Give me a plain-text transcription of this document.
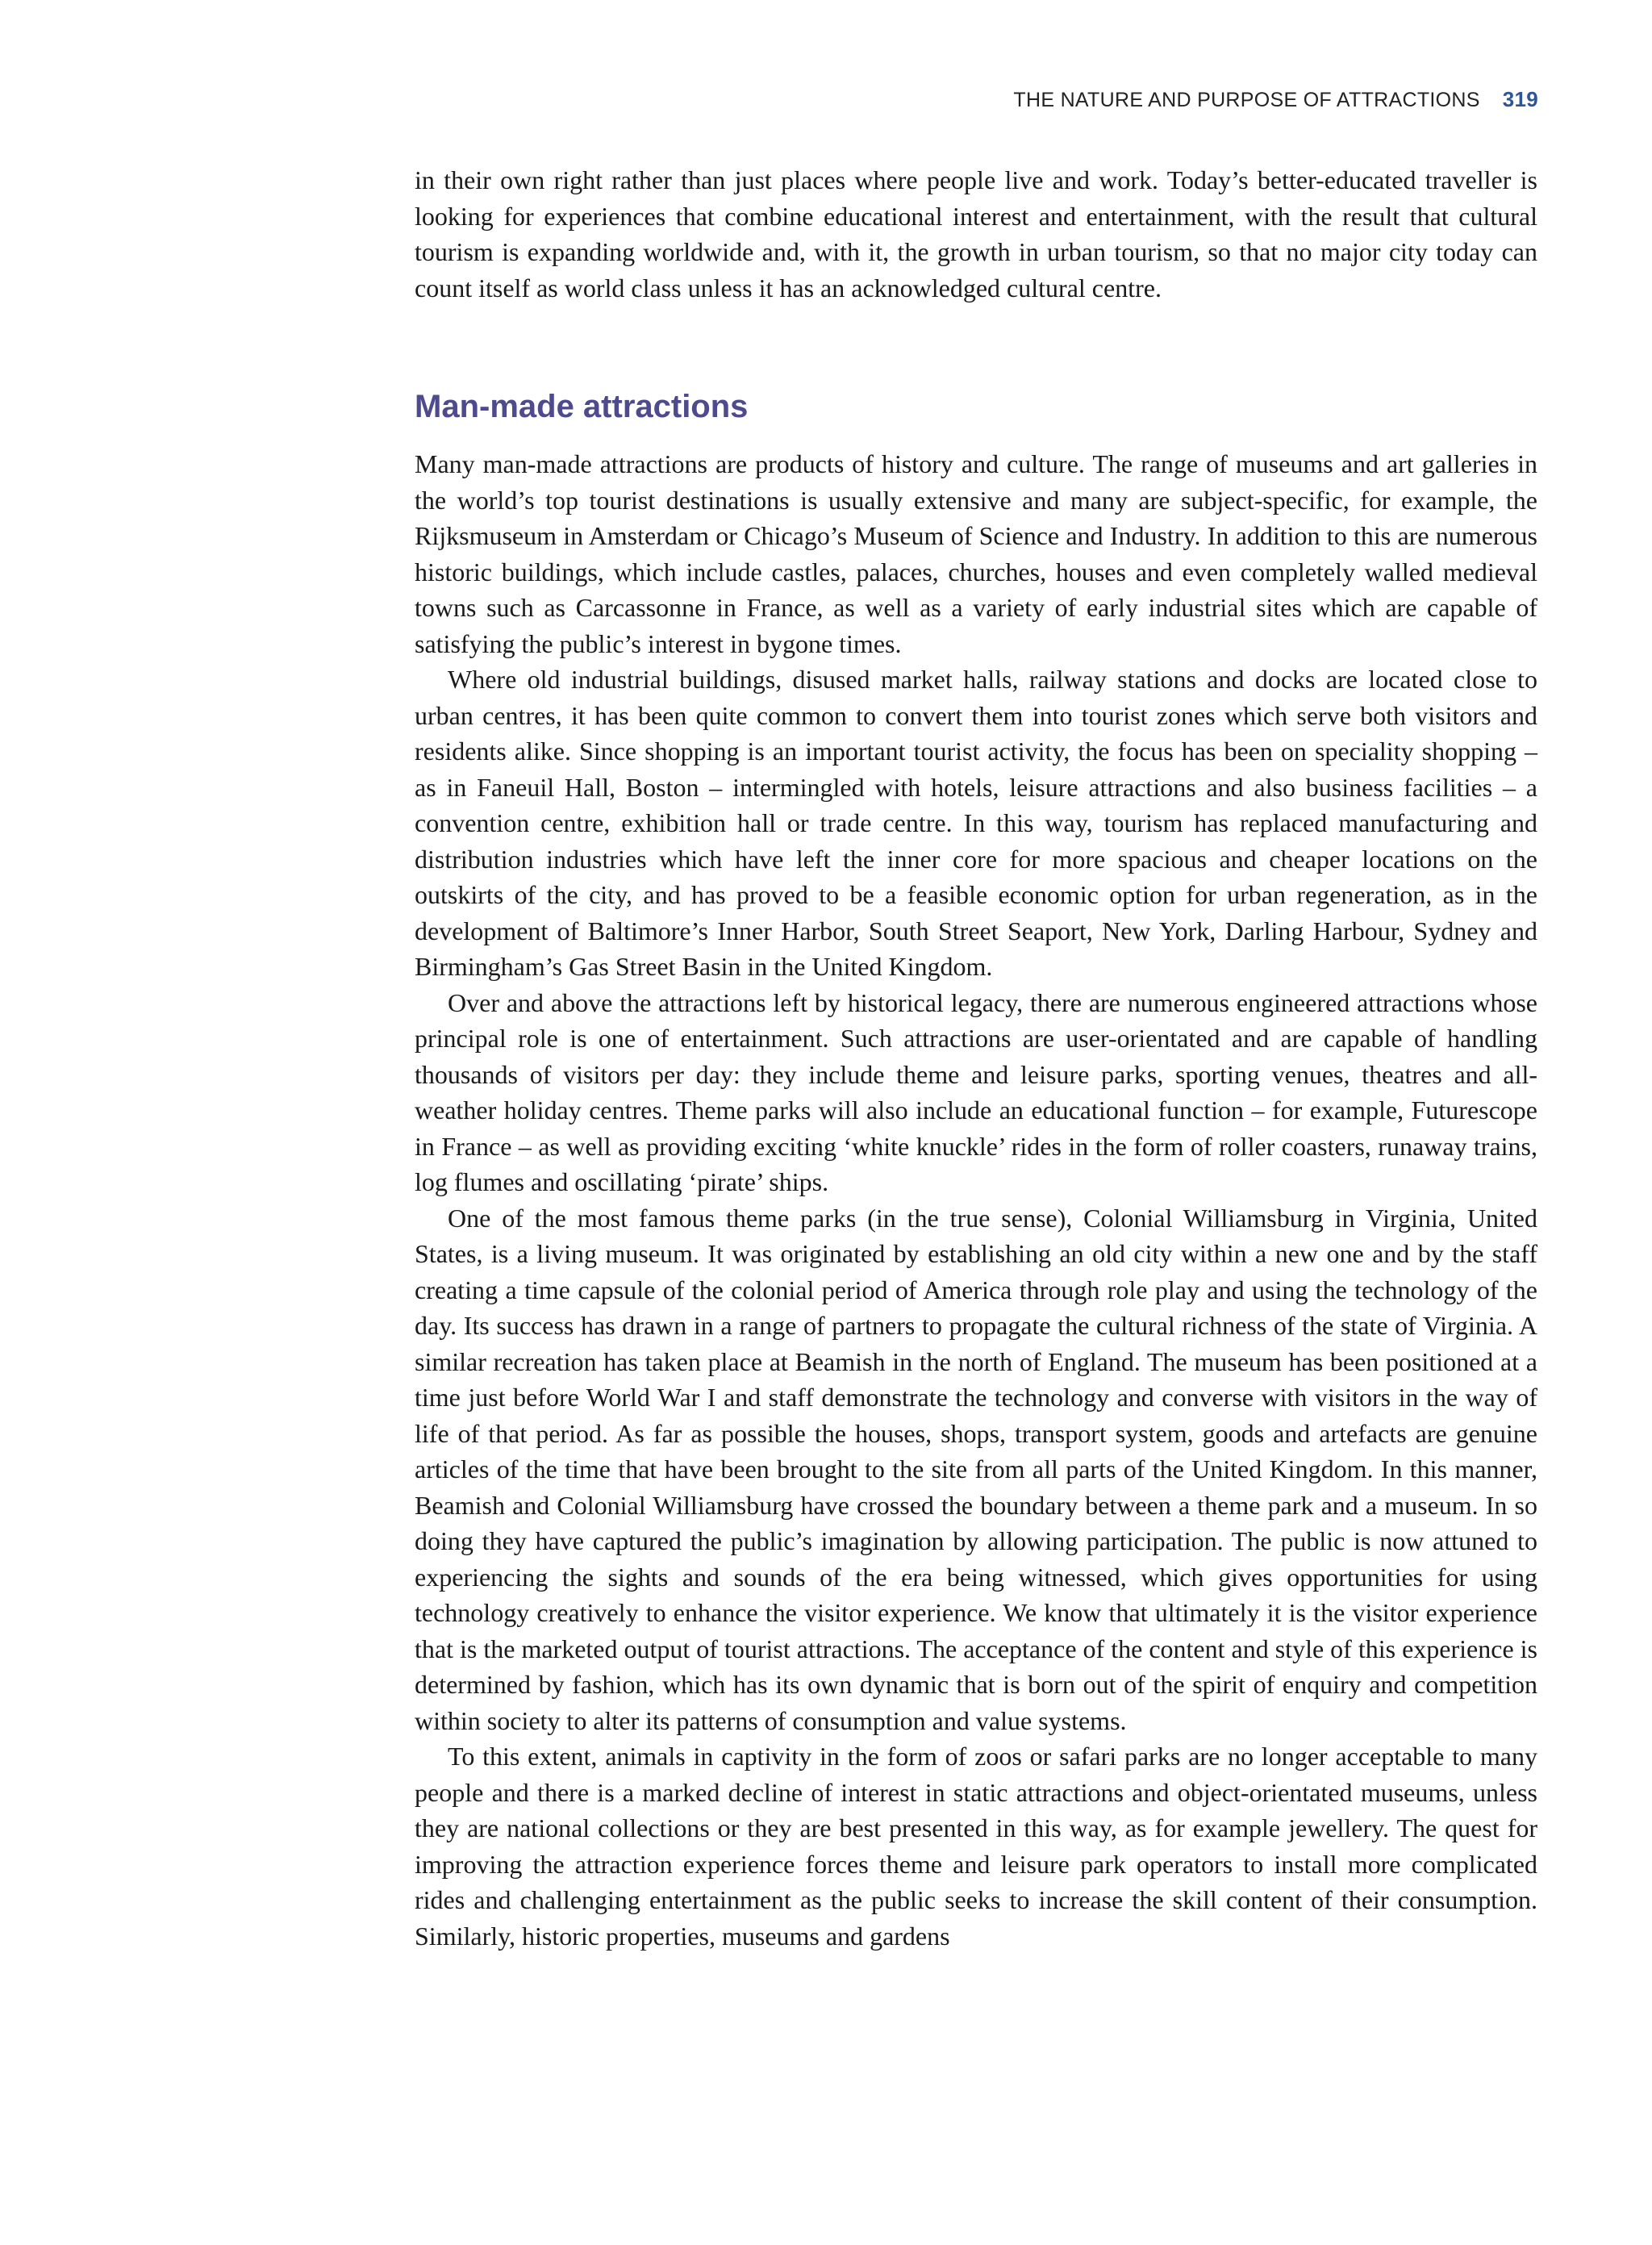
THE NATURE AND PURPOSE OF ATTRACTIONS 319

in their own right rather than just places where people live and work. Today’s better-educated traveller is looking for experiences that combine educational interest and entertainment, with the result that cultural tourism is expanding worldwide and, with it, the growth in urban tourism, so that no major city today can count itself as world class unless it has an acknowledged cultural centre.

Man-made attractions

Many man-made attractions are products of history and culture. The range of museums and art galleries in the world’s top tourist destinations is usually extensive and many are subject-specific, for example, the Rijksmuseum in Amsterdam or Chicago’s Museum of Science and Industry. In addition to this are numerous historic buildings, which include castles, palaces, churches, houses and even completely walled medieval towns such as Carcassonne in France, as well as a variety of early industrial sites which are capable of satisfying the public’s interest in bygone times.

Where old industrial buildings, disused market halls, railway stations and docks are located close to urban centres, it has been quite common to convert them into tourist zones which serve both visitors and residents alike. Since shopping is an important tourist activity, the focus has been on speciality shopping – as in Faneuil Hall, Boston – intermingled with hotels, leisure attractions and also business facilities – a convention centre, exhibition hall or trade centre. In this way, tourism has replaced manufacturing and distribution industries which have left the inner core for more spacious and cheaper locations on the outskirts of the city, and has proved to be a feasible economic option for urban regeneration, as in the development of Baltimore’s Inner Harbor, South Street Seaport, New York, Darling Harbour, Sydney and Birmingham’s Gas Street Basin in the United Kingdom.

Over and above the attractions left by historical legacy, there are numerous engineered attractions whose principal role is one of entertainment. Such attractions are user-orientated and are capable of handling thousands of visitors per day: they include theme and leisure parks, sporting venues, theatres and all-weather holiday centres. Theme parks will also include an educational function – for example, Futurescope in France – as well as providing exciting ‘white knuckle’ rides in the form of roller coasters, runaway trains, log flumes and oscillating ‘pirate’ ships.

One of the most famous theme parks (in the true sense), Colonial Williamsburg in Virginia, United States, is a living museum. It was originated by establishing an old city within a new one and by the staff creating a time capsule of the colonial period of America through role play and using the technology of the day. Its success has drawn in a range of partners to propagate the cultural richness of the state of Virginia. A similar recreation has taken place at Beamish in the north of England. The museum has been positioned at a time just before World War I and staff demonstrate the technology and converse with visitors in the way of life of that period. As far as possible the houses, shops, transport system, goods and artefacts are genuine articles of the time that have been brought to the site from all parts of the United Kingdom. In this manner, Beamish and Colonial Williamsburg have crossed the boundary between a theme park and a museum. In so doing they have captured the public’s imagination by allowing participation. The public is now attuned to experiencing the sights and sounds of the era being witnessed, which gives opportunities for using technology creatively to enhance the visitor experience. We know that ultimately it is the visitor experience that is the marketed output of tourist attractions. The acceptance of the content and style of this experience is determined by fashion, which has its own dynamic that is born out of the spirit of enquiry and competition within society to alter its patterns of consumption and value systems.

To this extent, animals in captivity in the form of zoos or safari parks are no longer acceptable to many people and there is a marked decline of interest in static attractions and object-orientated museums, unless they are national collections or they are best presented in this way, as for example jewellery. The quest for improving the attraction experience forces theme and leisure park operators to install more complicated rides and challenging entertainment as the public seeks to increase the skill content of their consumption. Similarly, historic properties, museums and gardens
